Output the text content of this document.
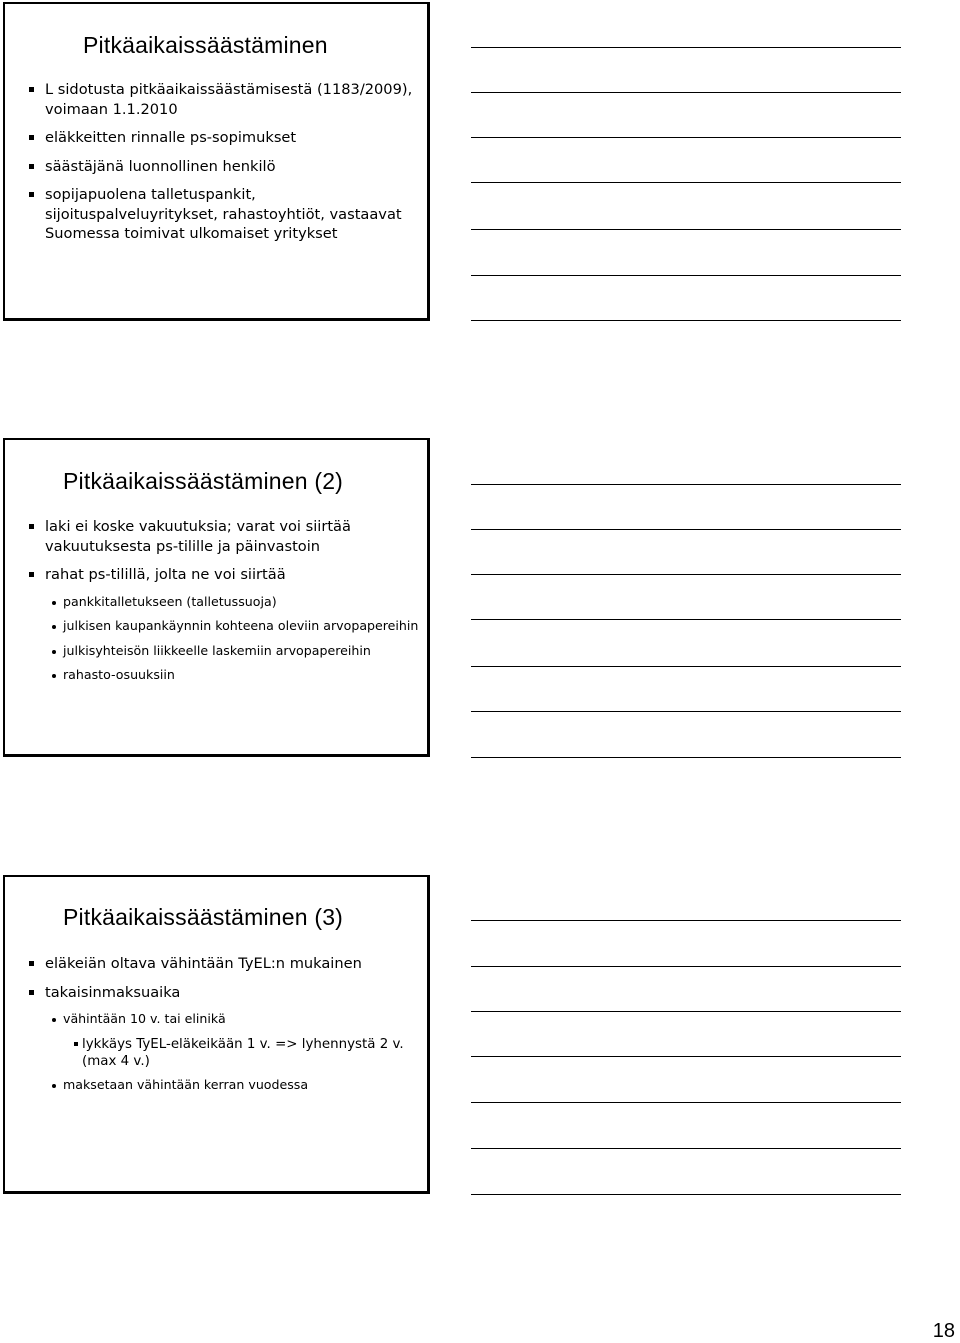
Pitkäaikaissäästäminen
L sidotusta pitkäaikaissäästämisestä (1183/2009), voimaan 1.1.2010
eläkkeitten rinnalle ps-sopimukset
säästäjänä luonnollinen henkilö
sopijapuolena talletuspankit, sijoituspalveluyritykset, rahastoyhtiöt, vastaavat Suomessa toimivat ulkomaiset yritykset
Pitkäaikaissäästäminen (2)
laki ei koske vakuutuksia; varat voi siirtää vakuutuksesta ps-tilille ja päinvastoin
rahat ps-tilillä, jolta ne voi siirtää
pankkitalletukseen (talletussuoja)
julkisen kaupankäynnin kohteena oleviin arvopapereihin
julkisyhteisön liikkeelle laskemiin arvopapereihin
rahasto-osuuksiin
Pitkäaikaissäästäminen (3)
eläkeiän oltava vähintään TyEL:n mukainen
takaisinmaksuaika
vähintään 10 v. tai elinikä
lykkäys TyEL-eläkeikään 1 v. => lyhennystä 2 v. (max 4 v.)
maksetaan vähintään kerran vuodessa
18
